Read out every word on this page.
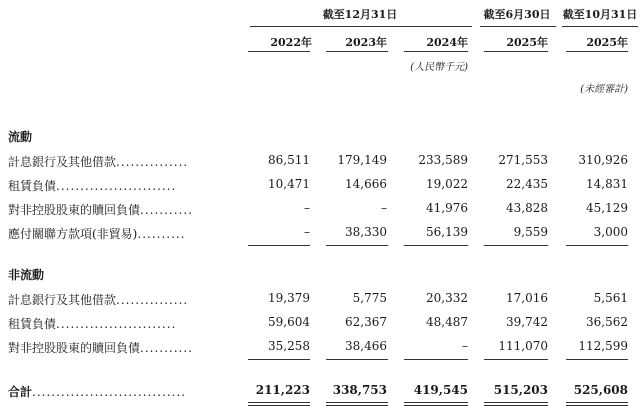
截至12月31日	截至6月30日	截至10月31日
2022年	2023年	2024年	2025年	2025年
(人民幣千元)
(未經審計)
流動
計息銀行及其他借款...............	86,511 179,149	233,589	271,553	310,926
租賃負債.........................	10,471	14,666	19,022	22,435	14,831
對非控股股東的贖回負債...........	–	–	41,976	43,828	45,129
應付關聯方款項(非貿易)..........	–	38,330	56,139	9,559	3,000
非流動
計息銀行及其他借款...............	19,379	5,775	20,332	17,016	5,561
租賃負債.........................	59,604	62,367	48,487	39,742	36,562
對非控股股東的贖回負債...........	35,258	38,466	–	111,070	112,599
合計................................	211,223 338,753 419,545 515,203 525,608
